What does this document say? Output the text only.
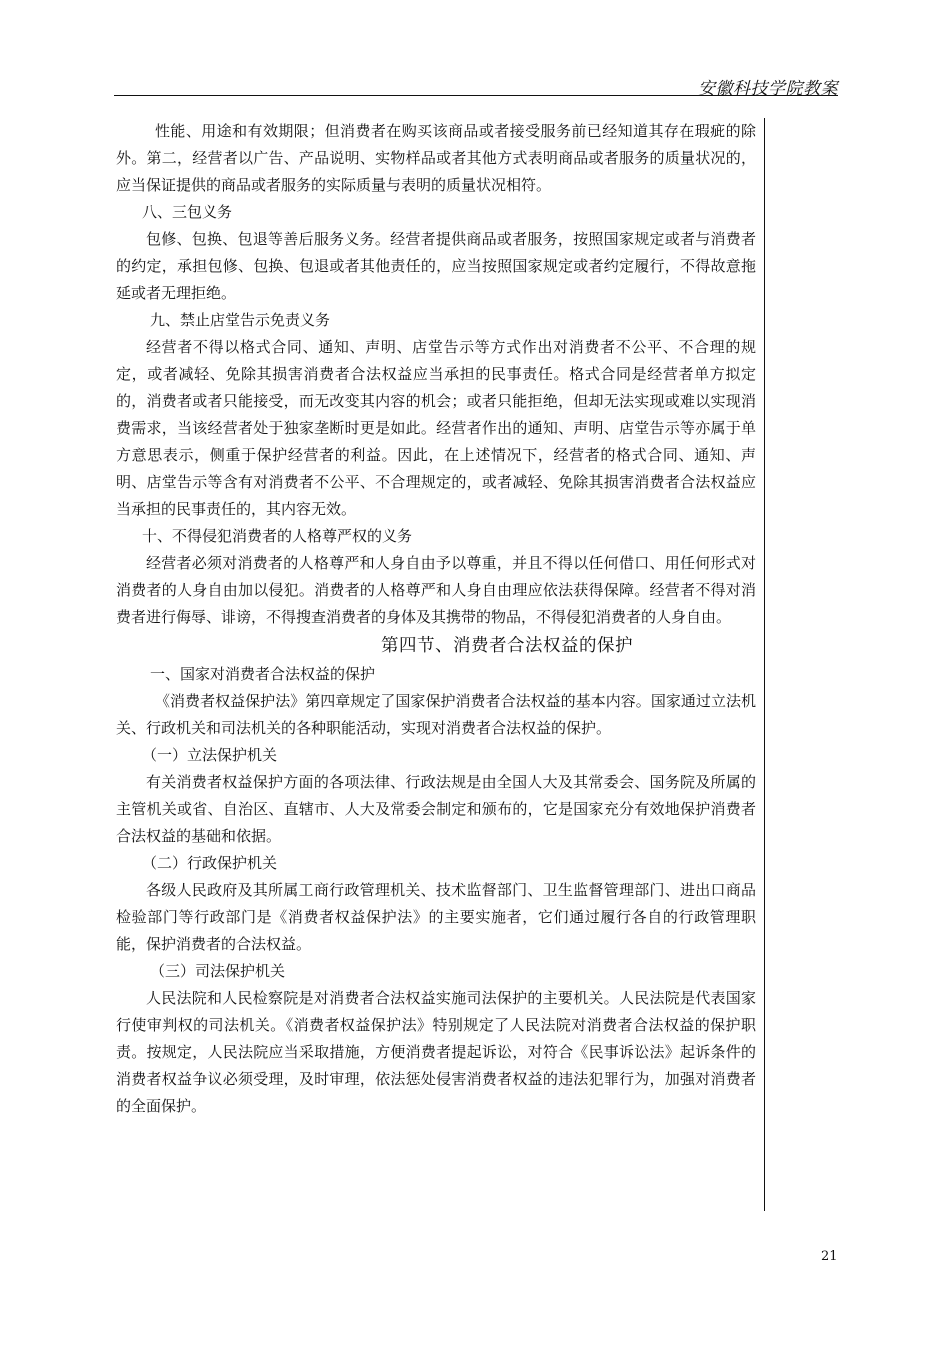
安徽科技学院教案

性能、用途和有效期限；但消费者在购买该商品或者接受服务前已经知道其存在瑕疵的除外。第二，经营者以广告、产品说明、实物样品或者其他方式表明商品或者服务的质量状况的，应当保证提供的商品或者服务的实际质量与表明的质量状况相符。

八、三包义务

包修、包换、包退等善后服务义务。经营者提供商品或者服务，按照国家规定或者与消费者的约定，承担包修、包换、包退或者其他责任的，应当按照国家规定或者约定履行，不得故意拖延或者无理拒绝。

九、禁止店堂告示免责义务

经营者不得以格式合同、通知、声明、店堂告示等方式作出对消费者不公平、不合理的规定，或者减轻、免除其损害消费者合法权益应当承担的民事责任。格式合同是经营者单方拟定的，消费者或者只能接受，而无改变其内容的机会；或者只能拒绝，但却无法实现或难以实现消费需求，当该经营者处于独家垄断时更是如此。经营者作出的通知、声明、店堂告示等亦属于单方意思表示，侧重于保护经营者的利益。因此，在上述情况下，经营者的格式合同、通知、声明、店堂告示等含有对消费者不公平、不合理规定的，或者减轻、免除其损害消费者合法权益应当承担的民事责任的，其内容无效。

十、不得侵犯消费者的人格尊严权的义务

经营者必须对消费者的人格尊严和人身自由予以尊重，并且不得以任何借口、用任何形式对消费者的人身自由加以侵犯。消费者的人格尊严和人身自由理应依法获得保障。经营者不得对消费者进行侮辱、诽谤，不得搜查消费者的身体及其携带的物品，不得侵犯消费者的人身自由。

第四节、消费者合法权益的保护

一、国家对消费者合法权益的保护

《消费者权益保护法》第四章规定了国家保护消费者合法权益的基本内容。国家通过立法机关、行政机关和司法机关的各种职能活动，实现对消费者合法权益的保护。

（一）立法保护机关

有关消费者权益保护方面的各项法律、行政法规是由全国人大及其常委会、国务院及所属的主管机关或省、自治区、直辖市、人大及常委会制定和颁布的，它是国家充分有效地保护消费者合法权益的基础和依据。

（二）行政保护机关

各级人民政府及其所属工商行政管理机关、技术监督部门、卫生监督管理部门、进出口商品检验部门等行政部门是《消费者权益保护法》的主要实施者，它们通过履行各自的行政管理职能，保护消费者的合法权益。

（三）司法保护机关

人民法院和人民检察院是对消费者合法权益实施司法保护的主要机关。人民法院是代表国家行使审判权的司法机关。《消费者权益保护法》特别规定了人民法院对消费者合法权益的保护职责。按规定，人民法院应当采取措施，方便消费者提起诉讼，对符合《民事诉讼法》起诉条件的消费者权益争议必须受理，及时审理，依法惩处侵害消费者权益的违法犯罪行为，加强对消费者的全面保护。

21
